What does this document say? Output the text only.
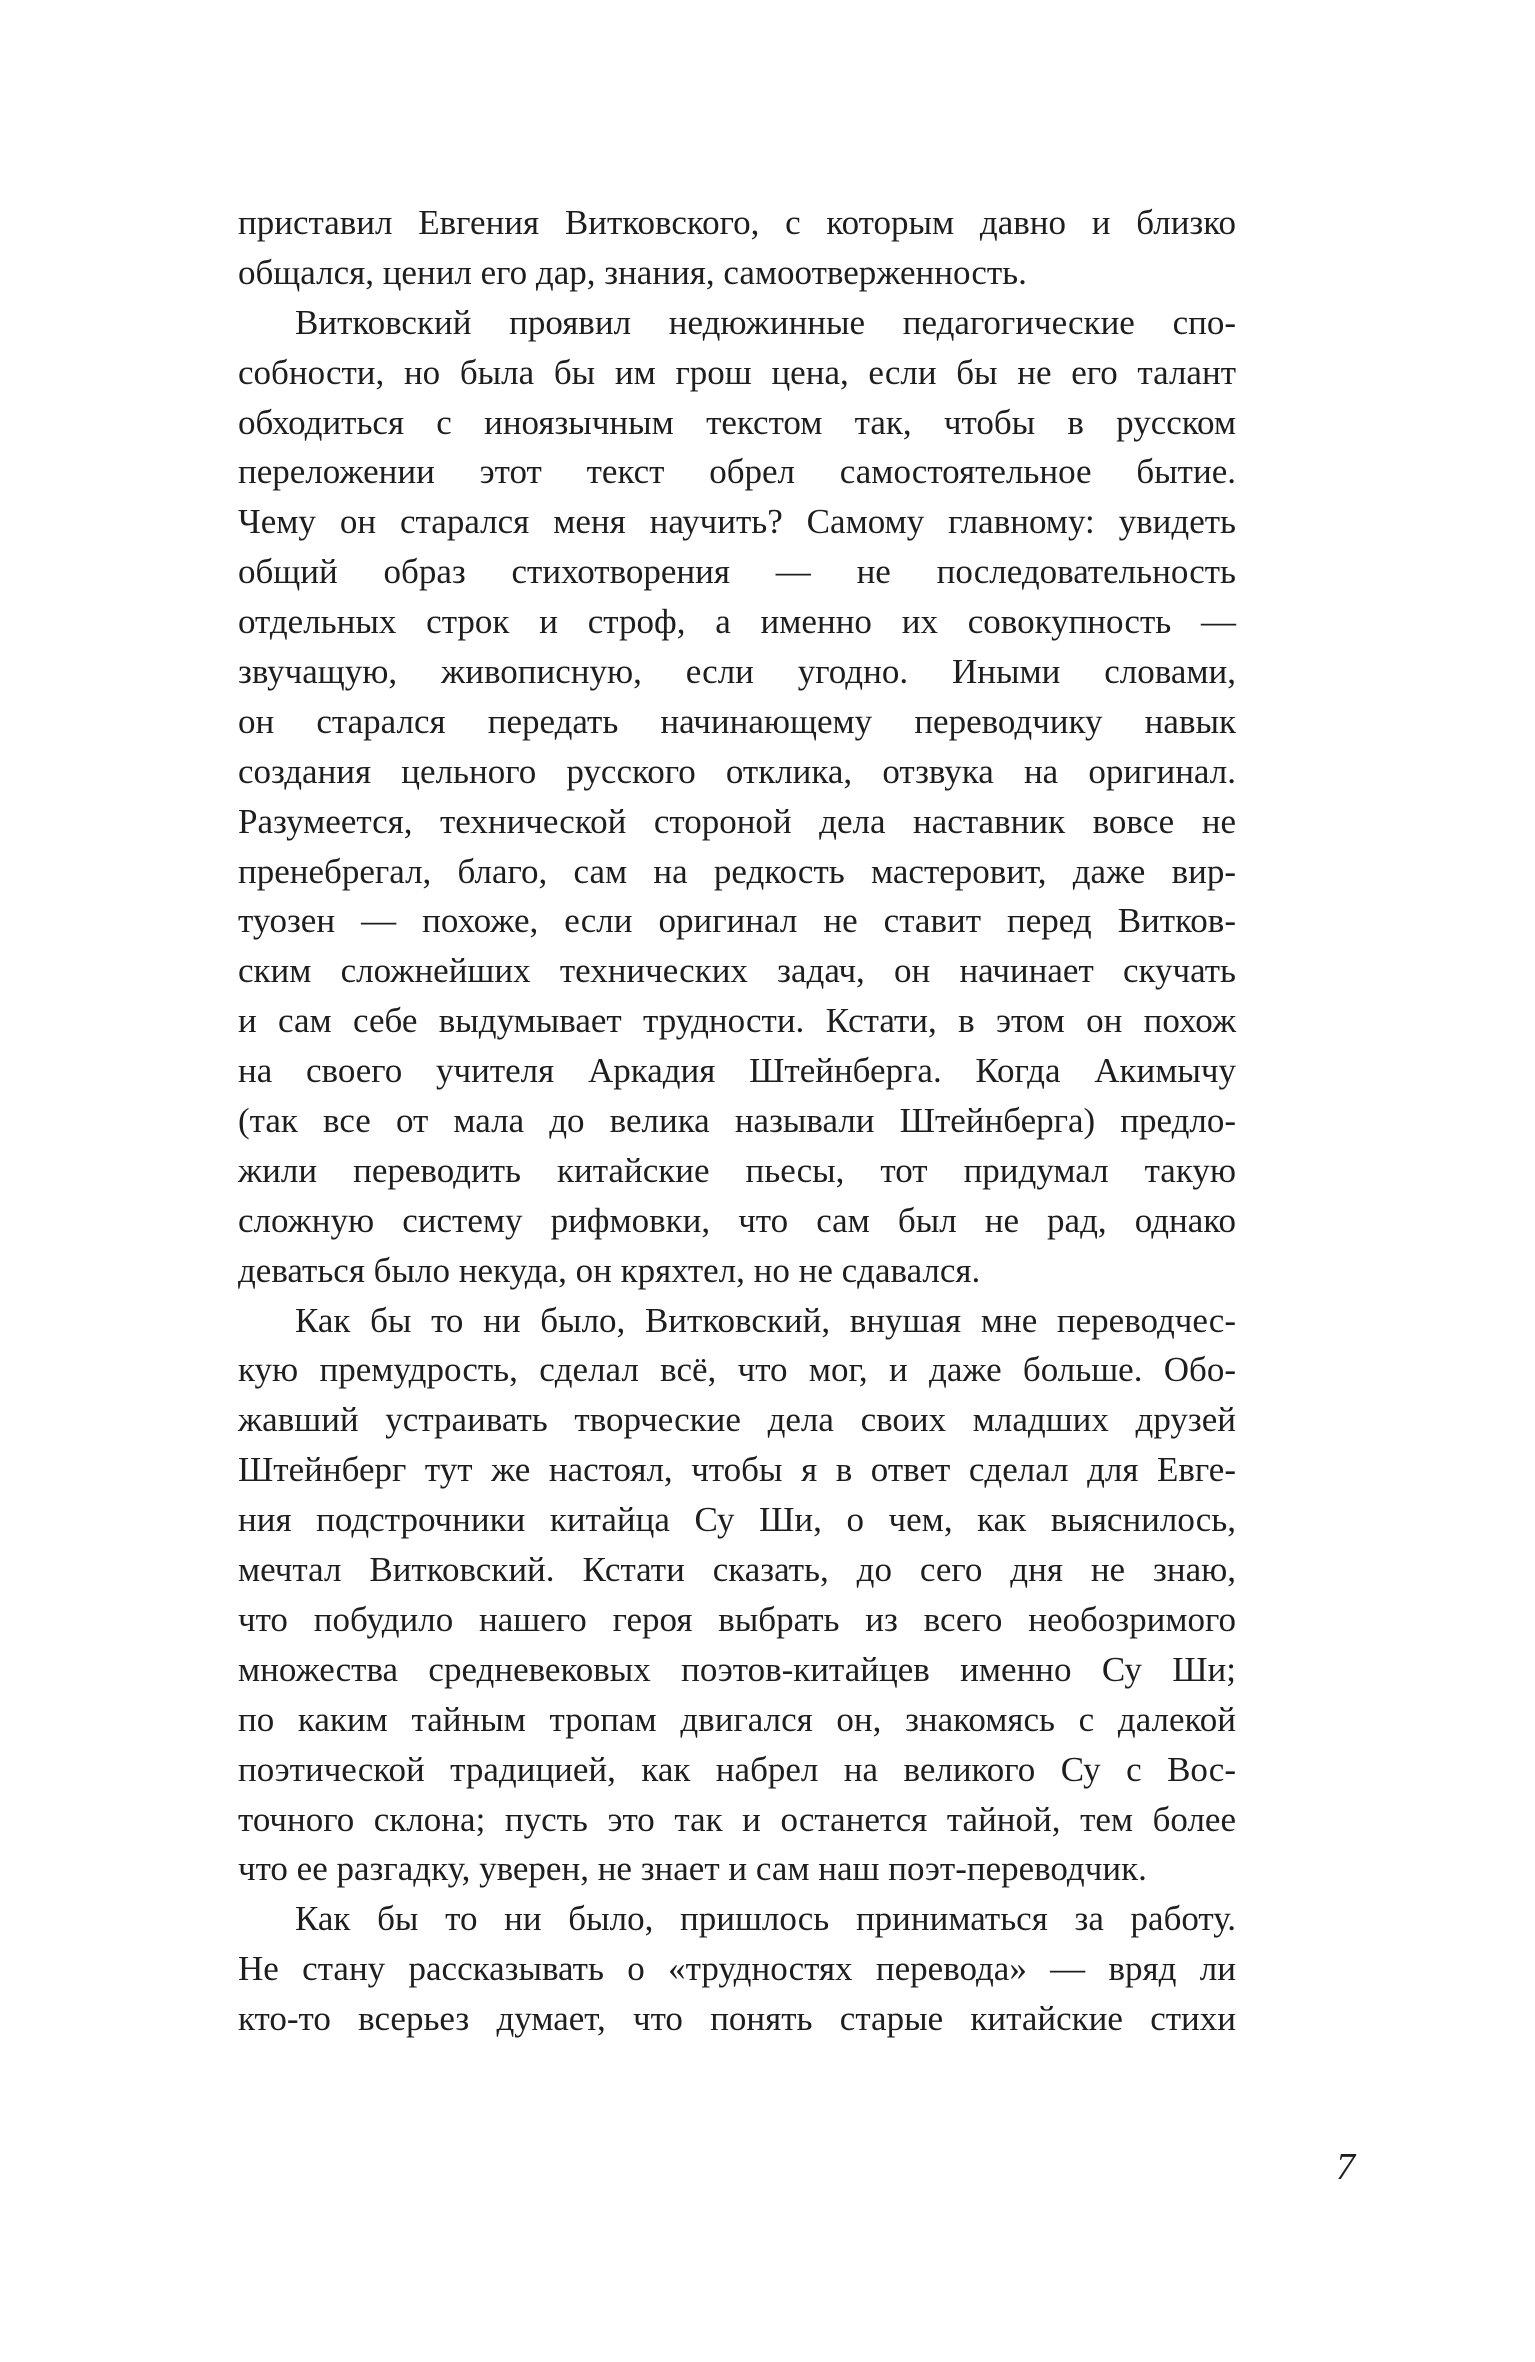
приставил Евгения Витковского, с которым давно и близко
общался, ценил его дар, знания, самоотверженность.
Витковский проявил недюжинные педагогические спо-
собности, но была бы им грош цена, если бы не его талант
обходиться с иноязычным текстом так, чтобы в русском
переложении этот текст обрел самостоятельное бытие.
Чему он старался меня научить? Самому главному: увидеть
общий образ стихотворения — не последовательность
отдельных строк и строф, а именно их совокупность —
звучащую, живописную, если угодно. Иными словами,
он старался передать начинающему переводчику навык
создания цельного русского отклика, отзвука на оригинал.
Разумеется, технической стороной дела наставник вовсе не
пренебрегал, благо, сам на редкость мастеровит, даже вир-
туозен — похоже, если оригинал не ставит перед Витков-
ским сложнейших технических задач, он начинает скучать
и сам себе выдумывает трудности. Кстати, в этом он похож
на своего учителя Аркадия Штейнберга. Когда Акимычу
(так все от мала до велика называли Штейнберга) предло-
жили переводить китайские пьесы, тот придумал такую
сложную систему рифмовки, что сам был не рад, однако
деваться было некуда, он кряхтел, но не сдавался.
Как бы то ни было, Витковский, внушая мне переводчес-
кую премудрость, сделал всё, что мог, и даже больше. Обо-
жавший устраивать творческие дела своих младших друзей
Штейнберг тут же настоял, чтобы я в ответ сделал для Евге-
ния подстрочники китайца Су Ши, о чем, как выяснилось,
мечтал Витковский. Кстати сказать, до сего дня не знаю,
что побудило нашего героя выбрать из всего необозримого
множества средневековых поэтов-китайцев именно Су Ши;
по каким тайным тропам двигался он, знакомясь с далекой
поэтической традицией, как набрел на великого Су с Вос-
точного склона; пусть это так и останется тайной, тем более
что ее разгадку, уверен, не знает и сам наш поэт-переводчик.
Как бы то ни было, пришлось приниматься за работу.
Не стану рассказывать о «трудностях перевода» — вряд ли
кто-то всерьез думает, что понять старые китайские стихи
7
